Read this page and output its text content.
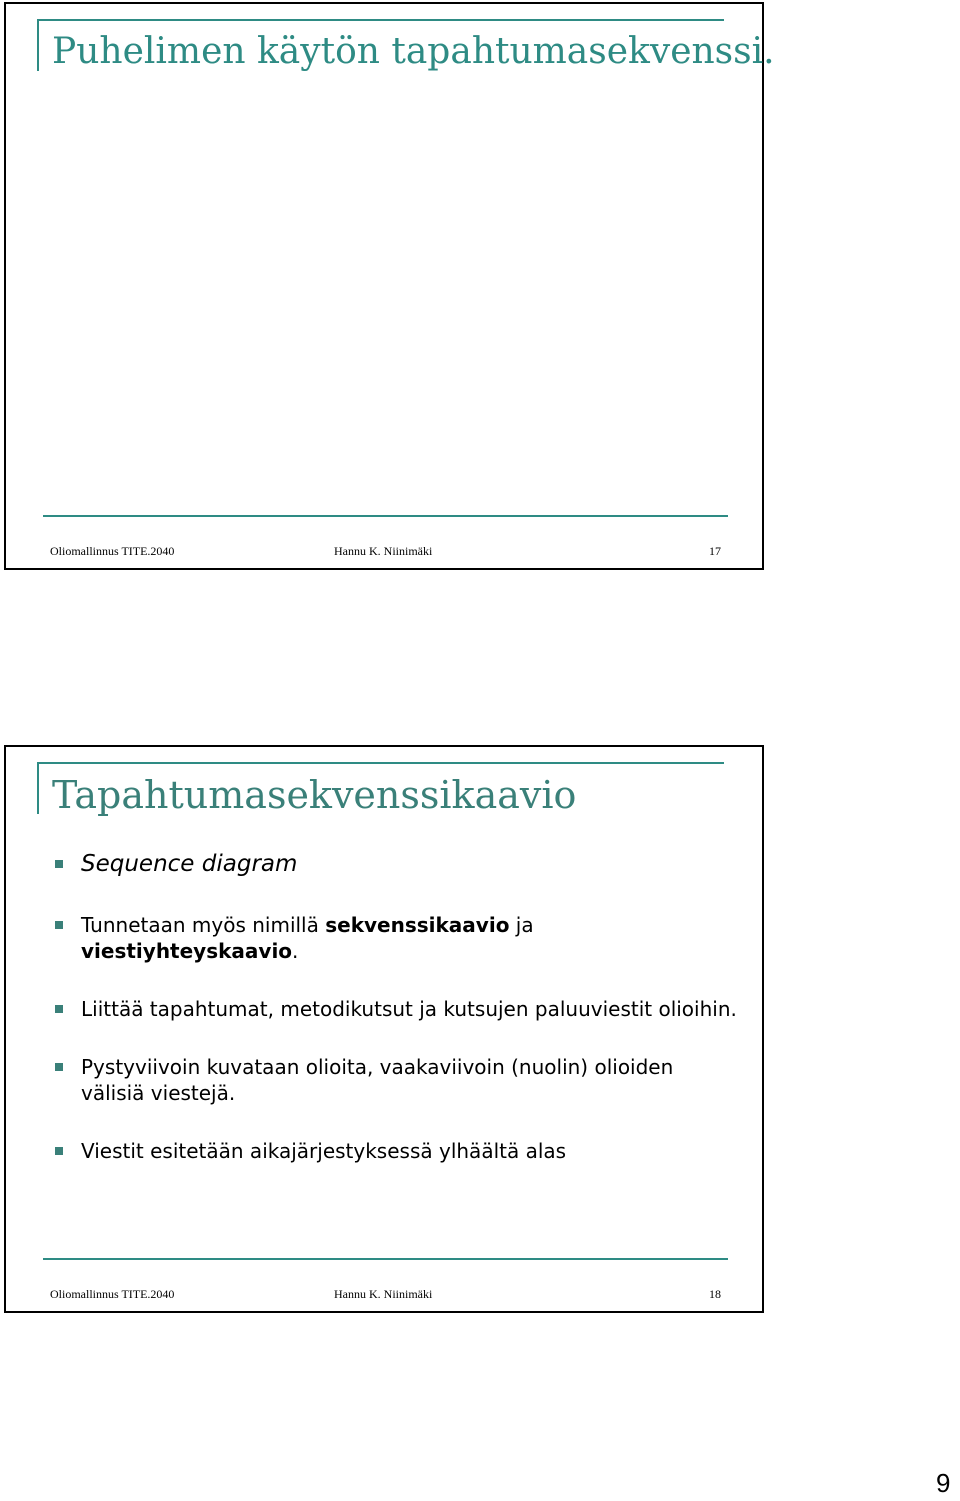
Puhelimen käytön tapahtumasekvenssi.
Oliomallinnus TITE.2040	Hannu K. Niinimäki	17
Tapahtumasekvenssikaavio
Sequence diagram
Tunnetaan myös nimillä sekvenssikaavio ja
viestiyhteyskaavio.
Liittää tapahtumat, metodikutsut ja kutsujen paluuviestit olioihin.
Pystyviivoin kuvataan olioita, vaakaviivoin (nuolin) olioiden välisiä viestejä.
Viestit esitetään aikajärjestyksessä ylhäältä alas
Oliomallinnus TITE.2040	Hannu K. Niinimäki	18
9
